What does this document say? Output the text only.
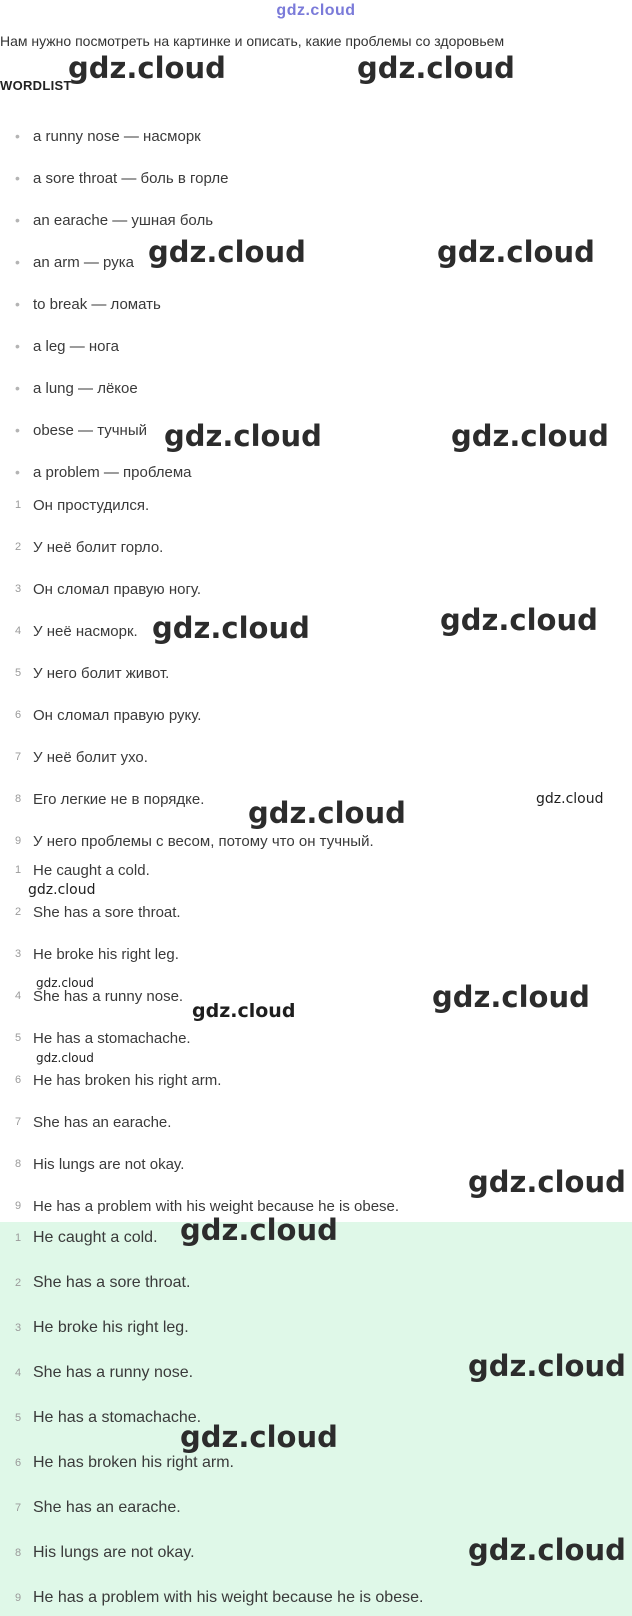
gdz.cloud
Нам нужно посмотреть на картинке и описать, какие проблемы со здоровьем
WORDLIST
• a runny nose — насморк
• a sore throat — боль в горле
• an earache — ушная боль
• an arm — рука
• to break — ломать
• a leg — нога
• a lung — лёкое
• obese — тучный
• a problem — проблема
1 Он простудился.
2 У неё болит горло.
3 Он сломал правую ногу.
4 У неё насморк.
5 У него болит живот.
6 Он сломал правую руку.
7 У неё болит ухо.
8 Его легкие не в порядке.
9 У него проблемы с весом, потому что он тучный.
1 He caught a cold.
2 She has a sore throat.
3 He broke his right leg.
4 She has a runny nose.
5 He has a stomachache.
6 He has broken his right arm.
7 She has an earache.
8 His lungs are not okay.
9 He has a problem with his weight because he is obese.
1 He caught a cold.
2 She has a sore throat.
3 He broke his right leg.
4 She has a runny nose.
5 He has a stomachache.
6 He has broken his right arm.
7 She has an earache.
8 His lungs are not okay.
9 He has a problem with his weight because he is obese.
gdz.cloud	gdz.cloud
gdz.cloud	gdz.cloud
gdz.cloud	gdz.cloud
gdz.cloud	gdz.cloud
gdz.cloud	gdz.cloud
gdz.cloud
gdz.cloud
gdz.cloud	gdz.cloud
gdz.cloud
gdz.cloud
gdz.cloud
gdz.cloud
gdz.cloud
gdz.cloud
